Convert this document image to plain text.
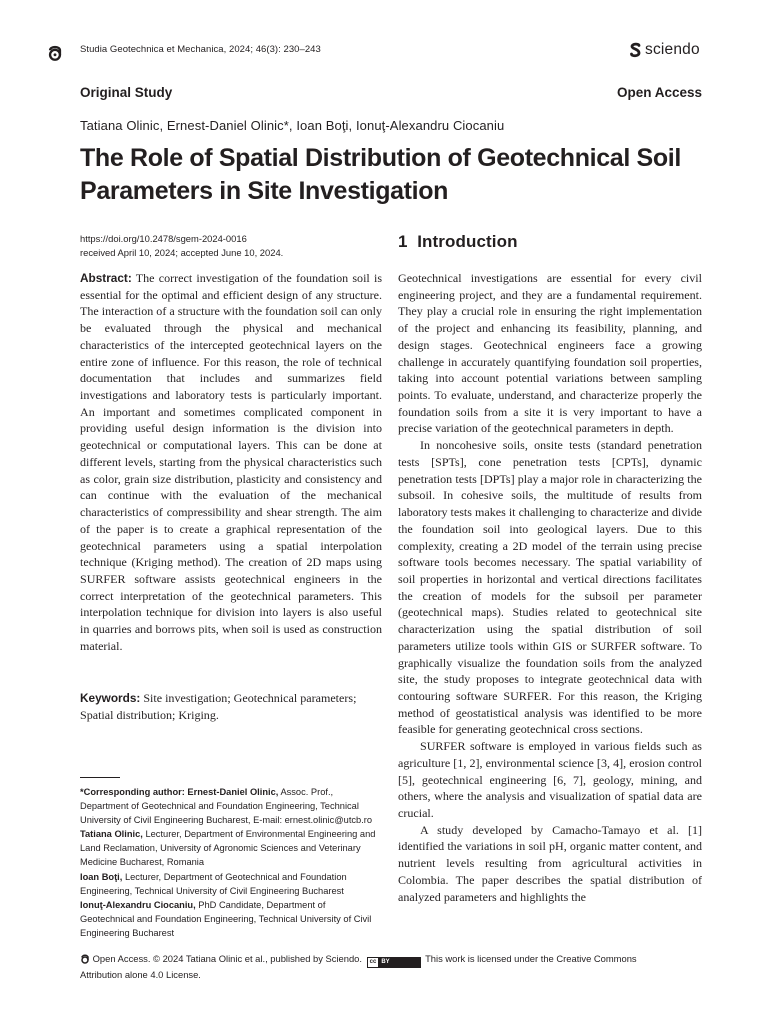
Studia Geotechnica et Mechanica, 2024; 46(3): 230–243	sciendo
Original Study	Open Access
Tatiana Olinic, Ernest-Daniel Olinic*, Ioan Boţi, Ionuţ-Alexandru Ciocaniu
The Role of Spatial Distribution of Geotechnical Soil Parameters in Site Investigation
https://doi.org/10.2478/sgem-2024-0016
received April 10, 2024; accepted June 10, 2024.

Abstract: The correct investigation of the foundation soil is essential for the optimal and efficient design of any structure. The interaction of a structure with the foundation soil can only be evaluated through the physical and mechanical characteristics of the intercepted geotechnical layers on the entire zone of influence. For this reason, the role of technical documentation that includes and summarizes field investigations and laboratory tests is particularly important. An important and sometimes complicated component in providing useful design information is the division into geotechnical or computational layers. This can be done at different levels, starting from the physical characteristics such as color, grain size distribution, plasticity and consistency and can continue with the evaluation of the mechanical characteristics of compressibility and shear strength. The aim of the paper is to create a graphical representation of the geotechnical parameters using a spatial interpolation technique (Kriging method). The creation of 2D maps using SURFER software assists geotechnical engineers in the correct interpretation of the geotechnical parameters. This interpolation technique for division into layers is also useful in quarries and borrows pits, when soil is used as construction material.

Keywords: Site investigation; Geotechnical parameters; Spatial distribution; Kriging.

*Corresponding author: Ernest-Daniel Olinic, Assoc. Prof., Department of Geotechnical and Foundation Engineering, Technical University of Civil Engineering Bucharest, E-mail: ernest.olinic@utcb.ro
Tatiana Olinic, Lecturer, Department of Environmental Engineering and Land Reclamation, University of Agronomic Sciences and Veterinary Medicine Bucharest, Romania
Ioan Boţi, Lecturer, Department of Geotechnical and Foundation Engineering, Technical University of Civil Engineering Bucharest
Ionuţ-Alexandru Ciocaniu, PhD Candidate, Department of Geotechnical and Foundation Engineering, Technical University of Civil Engineering Bucharest
1 Introduction

Geotechnical investigations are essential for every civil engineering project, and they are a fundamental requirement. They play a crucial role in ensuring the right implementation of the project and enhancing its feasibility, planning, and design stages. Geotechnical engineers face a growing challenge in accurately quantifying foundation soil properties, taking into account potential variations between sampling points. To evaluate, understand, and characterize properly the foundation soils from a site it is very important to have a precise variation of the geotechnical parameters in depth.

In noncohesive soils, onsite tests (standard penetration tests [SPTs], cone penetration tests [CPTs], dynamic penetration tests [DPTs] play a major role in characterizing the subsoil. In cohesive soils, the multitude of results from laboratory tests makes it challenging to characterize and divide the foundation soil into geological layers. Due to this complexity, creating a 2D model of the terrain using precise software tools becomes necessary. The spatial variability of soil properties in horizontal and vertical directions facilitates the creation of models for the subsoil per parameter (geotechnical maps). Studies related to geotechnical site characterization using the spatial distribution of soil parameters utilize tools within GIS or SURFER software. To graphically visualize the foundation soils from the analyzed site, the study proposes to integrate geotechnical data with contouring software SURFER. For this reason, the Kriging method of geostatistical analysis was identified to be more feasible for generating geotechnical cross sections.

SURFER software is employed in various fields such as agriculture [1, 2], environmental science [3, 4], erosion control [5], geotechnical engineering [6, 7], geology, mining, and others, where the analysis and visualization of spatial data are crucial.

A study developed by Camacho-Tamayo et al. [1] identified the variations in soil pH, organic matter content, and nutrient levels resulting from agricultural activities in Colombia. The paper describes the spatial distribution of analyzed parameters and highlights the

Open Access. © 2024 Tatiana Olinic et al., published by Sciendo.	cc BY	This work is licensed under the Creative Commons Attribution alone 4.0 License.
